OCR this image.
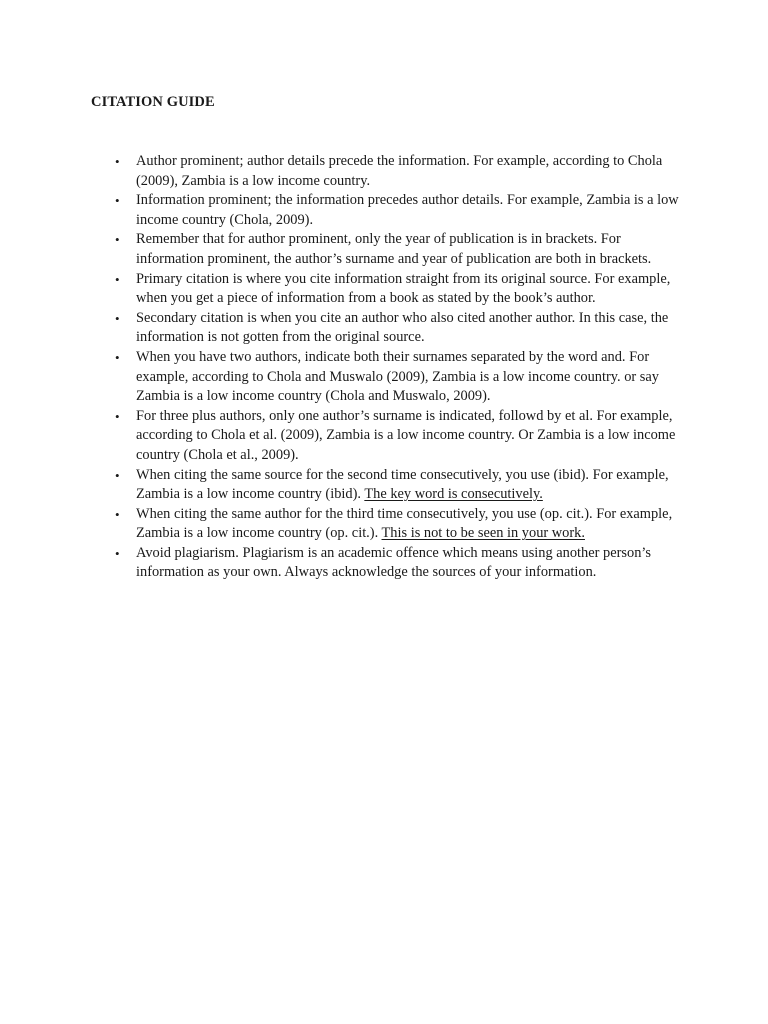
CITATION GUIDE
•	Author prominent; author details precede the information. For example, according to Chola (2009), Zambia is a low income country.
•	Information prominent; the information precedes author details. For example, Zambia is a low income country (Chola, 2009).
•	Remember that for author prominent, only the year of publication is in brackets. For information prominent, the author’s surname and year of publication are both in brackets.
•	Primary citation is where you cite information straight from its original source. For example, when you get a piece of information from a book as stated by the book’s author.
•	Secondary citation is when you cite an author who also cited another author. In this case, the information is not gotten from the original source.
•	When you have two authors, indicate both their surnames separated by the word and. For example, according to Chola and Muswalo (2009), Zambia is a low income country. or say Zambia is a low income country (Chola and Muswalo, 2009).
•	For three plus authors, only one author’s surname is indicated, followd by et al. For example, according to Chola et al. (2009), Zambia is a low income country. Or Zambia is a low income country (Chola et al., 2009).
•	When citing the same source for the second time consecutively, you use (ibid). For example, Zambia is a low income country (ibid). The key word is consecutively.
•	When citing the same author for the third time consecutively, you use (op. cit.). For example, Zambia is a low income country (op. cit.). This is not to be seen in your work.
•	Avoid plagiarism. Plagiarism is an academic offence which means using another person’s information as your own. Always acknowledge the sources of your information.
